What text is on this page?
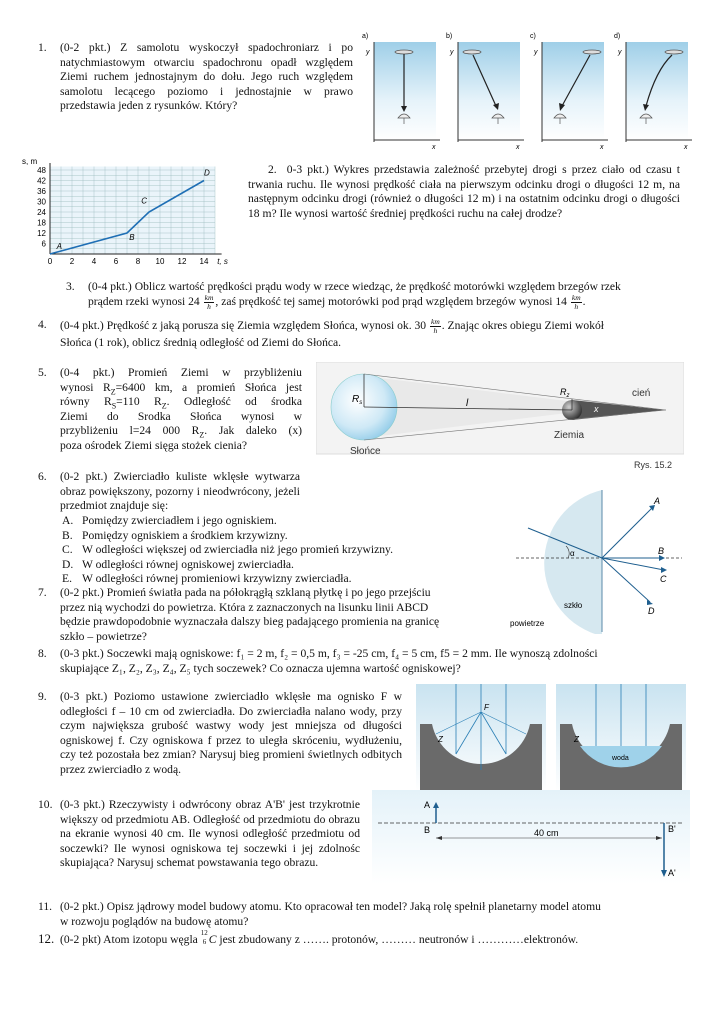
a)
y
x
b)
y
x
c)
y
x
d)
y
x
1. (0-2 pkt.) Z samolotu wyskoczył spadochroniarz i po natychmiastowym otwarciu spadochronu opadł względem Ziemi ruchem jednostajnym do dołu. Jego ruch względem samolotu lecącego poziomo i jednostajnie w prawo przedstawia jeden z rysunków. Który?
6
12
18
24
30
36
42
48
0 2 4 6 8 10 12 14
s, m
t, s
A
B
C
D	2. 0-3 pkt.) Wykres przedstawia zależność przebytej drogi s przez ciało od czasu t trwania ruchu. Ile wynosi prędkość ciała na pierwszym odcinku drogi o długości 12 m, na następnym odcinku drogi (również o długości 12 m) i na ostatnim odcinku drogi o długości 18 m? Ile wynosi wartość średniej prędkości ruchu na całej drodze?
3. (0-4 pkt.) Oblicz wartość prędkości prądu wody w rzece wiedząc, że prędkość motorówki względem brzegów rzek
prądem rzeki wynosi $24 \frac{km}{h}$ , zaś prędkość tej samej motorówki pod prąd względem brzegów wynosi $14 \frac{km}{h}$ .
4. (0-4 pkt.) Prędkość z jaką porusza się Ziemia względem Słońca, wynosi ok. $30 \frac{km}{h}$ . Znając okres obiegu Ziemi wokół
Słońca (1 rok), oblicz średnią odległość od Ziemi do Słońca.
$R_s$
$R_z$
l	x
Słońce
Ziemia
cień
Rys. 15.2
5. (0-4 pkt.) Promień Ziemi w przybliżeniu
wynosi $R_Z=6400$ km, a promień Słońca jest
równy $R_S=110$ $R_Z$. Odległość od środka
Ziemi do Srodka Słońca wynosi w
przybliżeniu l=24 000 $R_Z$. Jak daleko (x)
poza ośrodek Ziemi sięga stożek cienia?
A
B
C
D
α
szkło
powietrze
6. (0-2 pkt.) Zwierciadło kuliste wklęsłe wytwarza obraz powiększony, pozorny i nieodwrócony, jeżeli przedmiot znajduje się:
A. Pomiędzy zwierciadłem i jego ogniskiem.
B. Pomiędzy ogniskiem a środkiem krzywizny.
C. W odległości większej od zwierciadła niż jego promień krzywizny.
D. W odległości równej ogniskowej zwierciadła.
E. W odległości równej promieniowi krzywizny zwierciadła.
7. (0-2 pkt.) Promień światła pada na półokrągłą szklaną płytkę i po jego przejściu
przez nią wychodzi do powietrza. Która z zaznaczonych na lisunku linii ABCD
będzie prawdopodobnie wyznaczała dalszy bieg padającego promienia na granicę
szkło – powietrze?
8. (0-3 pkt.) Soczewki mają ogniskowe: f₁ = 2 m, f₂ = 0,5 m, f₃ = -25 cm, f₄ = 5 cm, f5 = 2 mm. Ile wynoszą zdolności
skupiające Z₁, Z₂, Z₃, Z₄, Z₅ tych soczewek? Co oznacza ujemna wartość ogniskowej?
F
Z	Z
woda
9. (0-3 pkt.) Poziomo ustawione zwierciadło wklęsłe ma ognisko F w odległości f – 10 cm od zwierciadła. Do zwierciadła nalano wody, przy czym największa grubość wastwy wody jest mniejsza od długości ogniskowej f. Czy ogniskowa f przez to uległa skróceniu, wydłużeniu, czy też pozostała bez zmian? Narysuj bieg promieni świetlnych odbitych przez zwierciadło z wodą.
A
B	B'
A'
40 cm
10. (0-3 pkt.) Rzeczywisty i odwrócony obraz A'B' jest trzykrotnie większy od przedmiotu AB. Odległość od przedmiotu do obrazu na ekranie wynosi 40 cm. Ile wynosi odległość przedmiotu od soczewki? Ile wynosi ogniskowa tej soczewki i jej zdolnośc skupiająca? Narysuj schemat powstawania tego obrazu.
11. (0-2 pkt.) Opisz jądrowy model budowy atomu. Kto opracował ten model? Jaką rolę spełnił planetarny model atomu
w rozwoju poglądów na budowę atomu?
12. (0-2 pkt) Atom izotopu węgla 12
6 C jest zbudowany z ……. protonów, ……… neutronów i …………elektronów.
